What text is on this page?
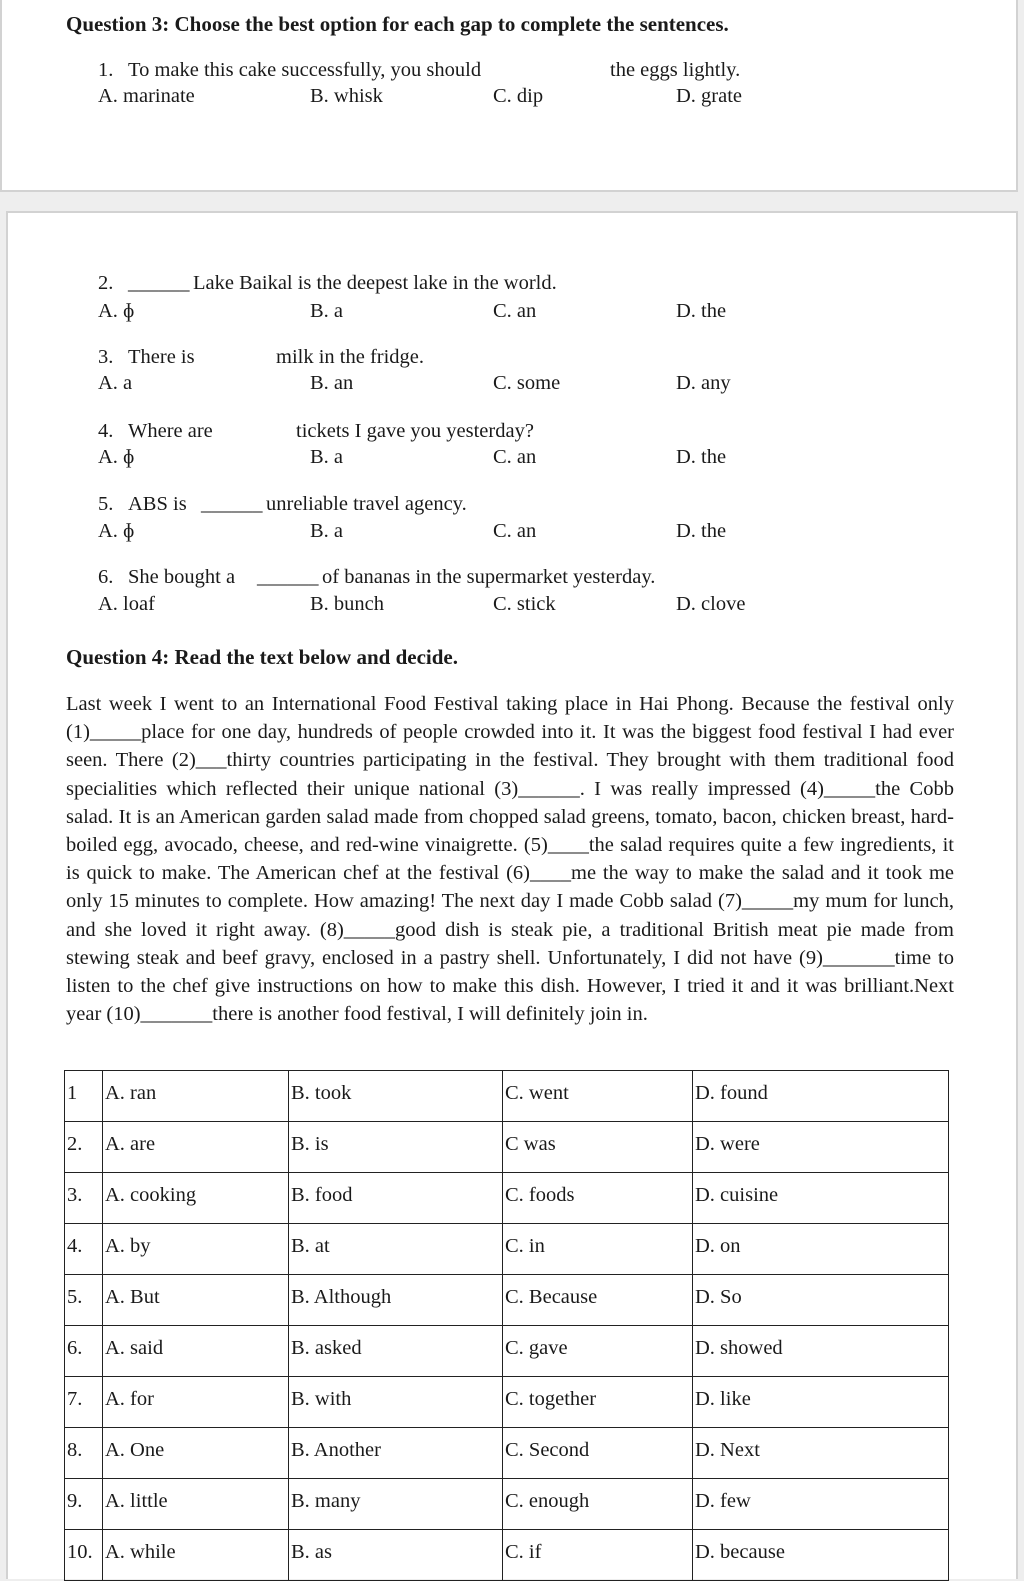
Question 3: Choose the best option for each gap to complete the sentences.
1. To make this cake successfully, you should	the eggs lightly.
A. marinate	B. whisk	C. dip	D. grate
2. ______ Lake Baikal is the deepest lake in the world.
A. ɸ	B. a	C. an	D. the
3. There is	milk in the fridge.
A. a	B. an	C. some	D. any
4. Where are	tickets I gave you yesterday?
A. ɸ	B. a	C. an	D. the
5. ABS is ______ unreliable travel agency.
A. ɸ	B. a	C. an	D. the
6. She bought a ______ of bananas in the supermarket yesterday.
A. loaf	B. bunch	C. stick	D. clove
Question 4: Read the text below and decide.
Last week I went to an International Food Festival taking place in Hai Phong. Because the festival only (1)_____place for one day, hundreds of people crowded into it. It was the biggest food festival I had ever seen. There (2)___thirty countries participating in the festival. They brought with them traditional food specialities which reflected their unique national (3)______. I was really impressed (4)_____the Cobb salad. It is an American garden salad made from chopped salad greens, tomato, bacon, chicken breast, hard-boiled egg, avocado, cheese, and red-wine vinaigrette. (5)____the salad requires quite a few ingredients, it is quick to make. The American chef at the festival (6)____me the way to make the salad and it took me only 15 minutes to complete. How amazing! The next day I made Cobb salad (7)_____my mum for lunch, and she loved it right away. (8)_____good dish is steak pie, a traditional British meat pie made from stewing steak and beef gravy, enclosed in a pastry shell. Unfortunately, I did not have (9)_______time to listen to the chef give instructions on how to make this dish. However, I tried it and it was brilliant.Next year (10)_______there is another food festival, I will definitely join in.
1	A. ran	B. took	C. went	D. found
2.	A. are	B. is	C was	D. were
3.	A. cooking	B. food	C. foods	D. cuisine
4.	A. by	B. at	C. in	D. on
5.	A. But	B. Although	C. Because	D. So
6.	A. said	B. asked	C. gave	D. showed
7.	A. for	B. with	C. together	D. like
8.	A. One	B. Another	C. Second	D. Next
9.	A. little	B. many	C. enough	D. few
10.	A. while	B. as	C. if	D. because
